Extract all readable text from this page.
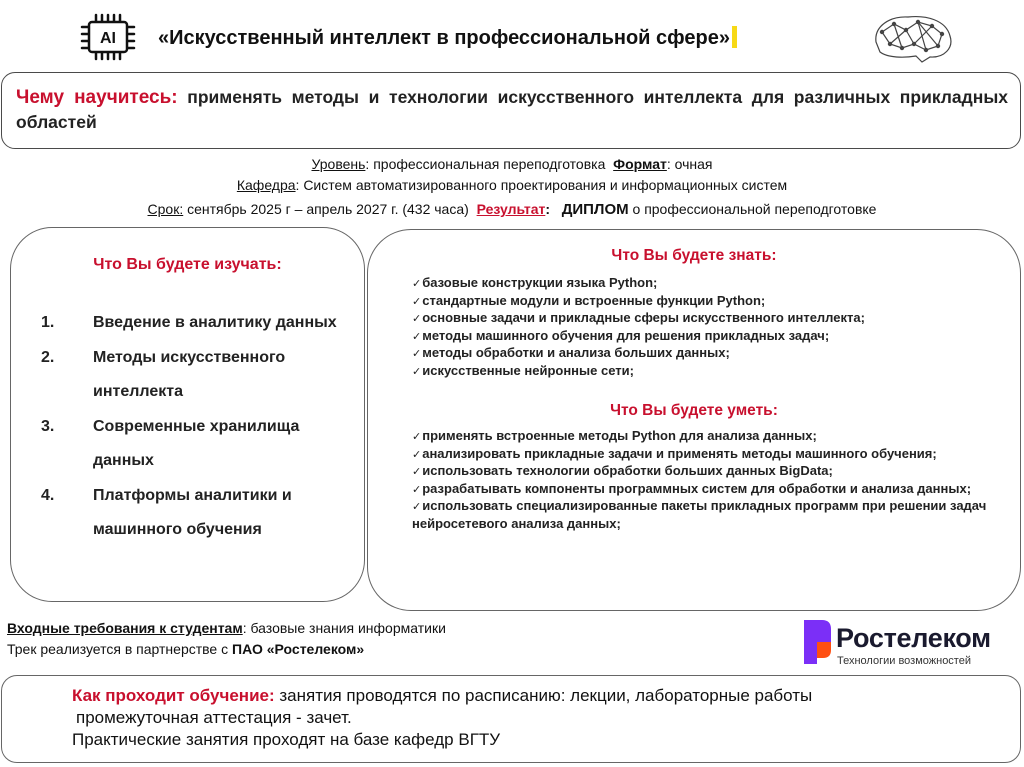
AI «Искусственный интеллект в профессиональной сфере»

Чему научитесь: применять методы и технологии искусственного интеллекта для различных прикладных областей

Уровень: профессиональная переподготовка Формат: очная
Кафедра: Систем автоматизированного проектирования и информационных систем
Срок: сентябрь 2025 г – апрель 2027 г. (432 часа) Результат: ДИПЛОМ о профессиональной переподготовке
Что Вы будете изучать:
1. Введение в аналитику данных
2. Методы искусственного интеллекта
3. Современные хранилища данных
4. Платформы аналитики и машинного обучения
Что Вы будете знать:
✓ базовые конструкции языка Python;
✓ стандартные модули и встроенные функции Python;
✓ основные задачи и прикладные сферы искусственного интеллекта;
✓ методы машинного обучения для решения прикладных задач;
✓ методы обработки и анализа больших данных;
✓ искусственные нейронные сети;
Что Вы будете уметь:
✓ применять встроенные методы Python для анализа данных;
✓ анализировать прикладные задачи и применять методы машинного обучения;
✓ использовать технологии обработки больших данных BigData;
✓ разрабатывать компоненты программных систем для обработки и анализа данных;
✓ использовать специализированные пакеты прикладных программ при решении задач нейросетевого анализа данных;
Входные требования к студентам: базовые знания информатики
Трек реализуется в партнерстве с ПАО «Ростелеком»	Ростелеком
Технологии возможностей
Как проходит обучение: занятия проводятся по расписанию: лекции, лабораторные работы
промежуточная аттестация - зачет.
Практические занятия проходят на базе кафедр ВГТУ
